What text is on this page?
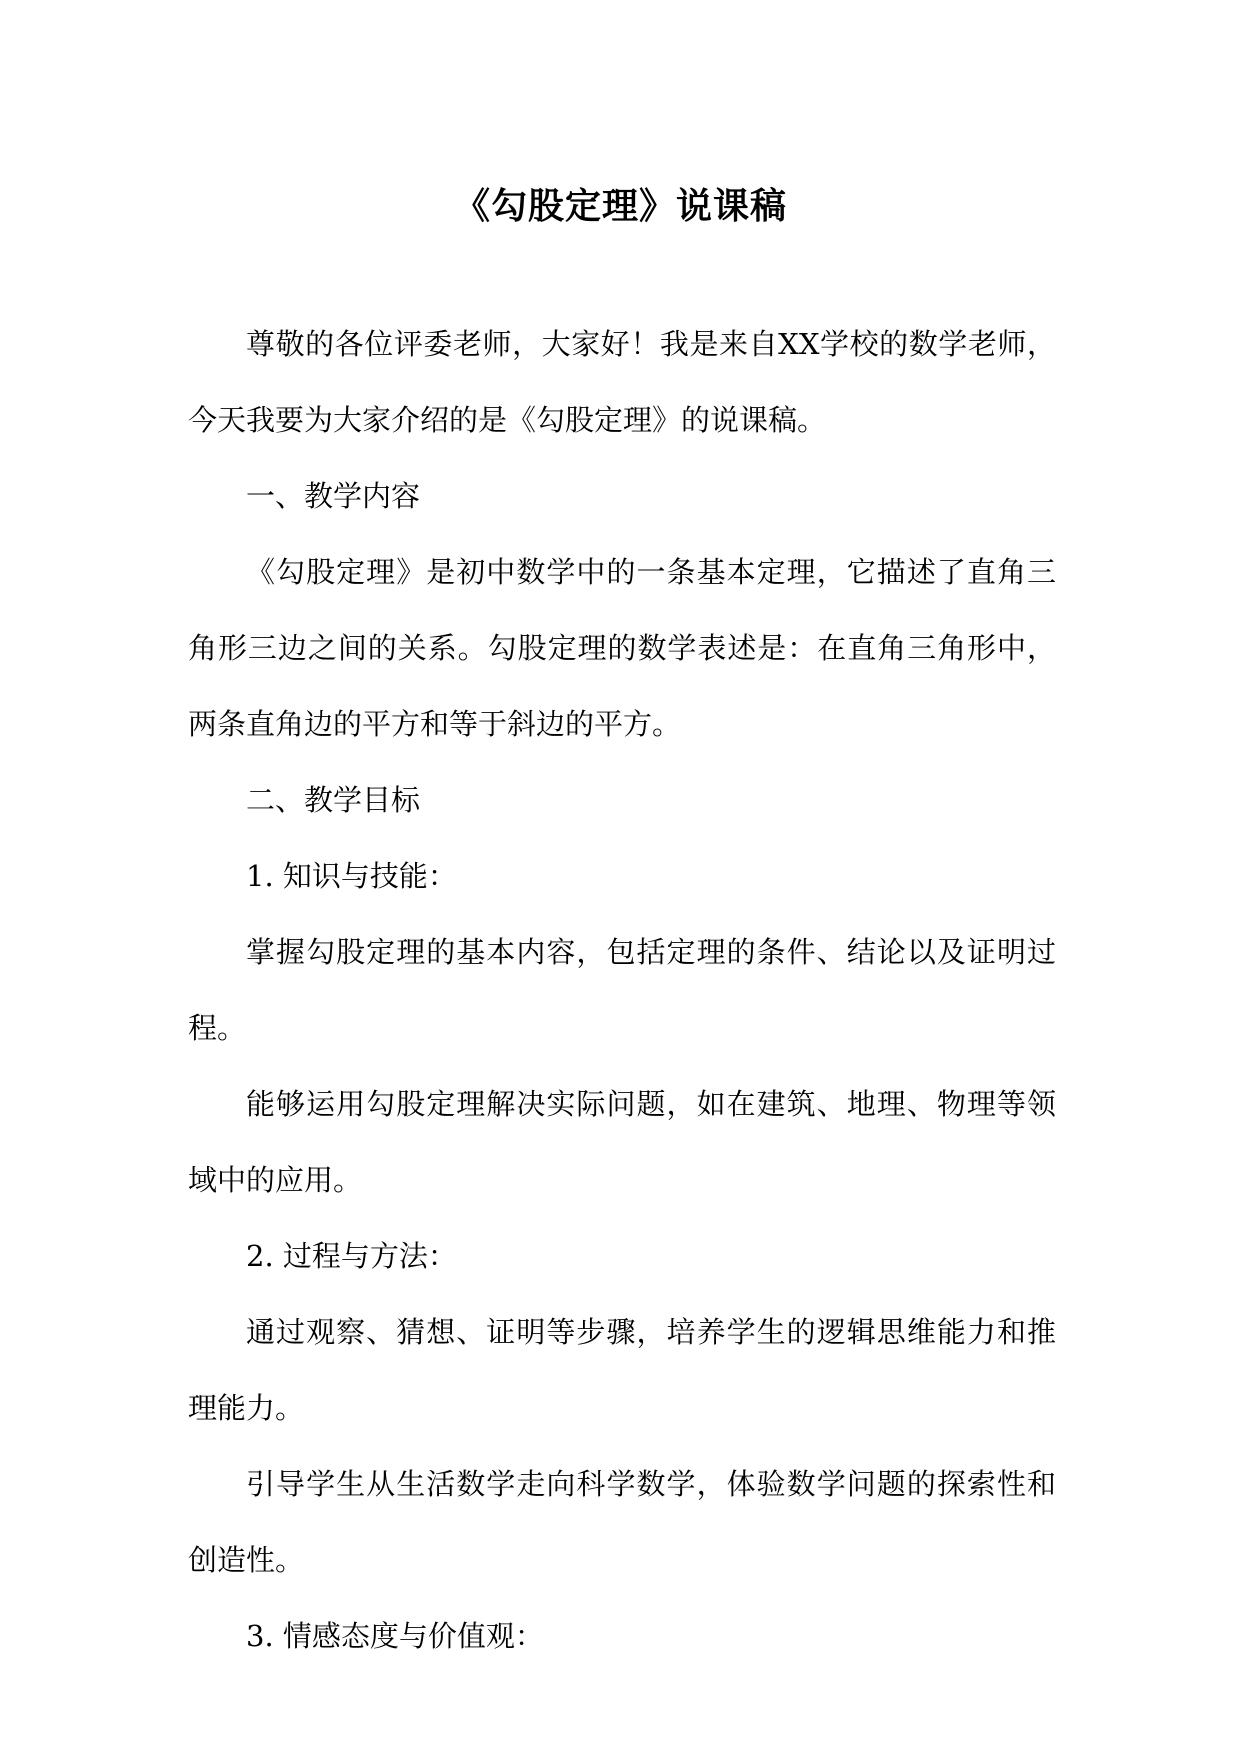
《勾股定理》说课稿

尊敬的各位评委老师，大家好！我是来自XX学校的数学老师，今天我要为大家介绍的是《勾股定理》的说课稿。

一、教学内容

《勾股定理》是初中数学中的一条基本定理，它描述了直角三角形三边之间的关系。勾股定理的数学表述是：在直角三角形中，两条直角边的平方和等于斜边的平方。

二、教学目标

1. 知识与技能：

掌握勾股定理的基本内容，包括定理的条件、结论以及证明过程。

能够运用勾股定理解决实际问题，如在建筑、地理、物理等领域中的应用。

2. 过程与方法：

通过观察、猜想、证明等步骤，培养学生的逻辑思维能力和推理能力。

引导学生从生活数学走向科学数学，体验数学问题的探索性和创造性。

3. 情感态度与价值观：
